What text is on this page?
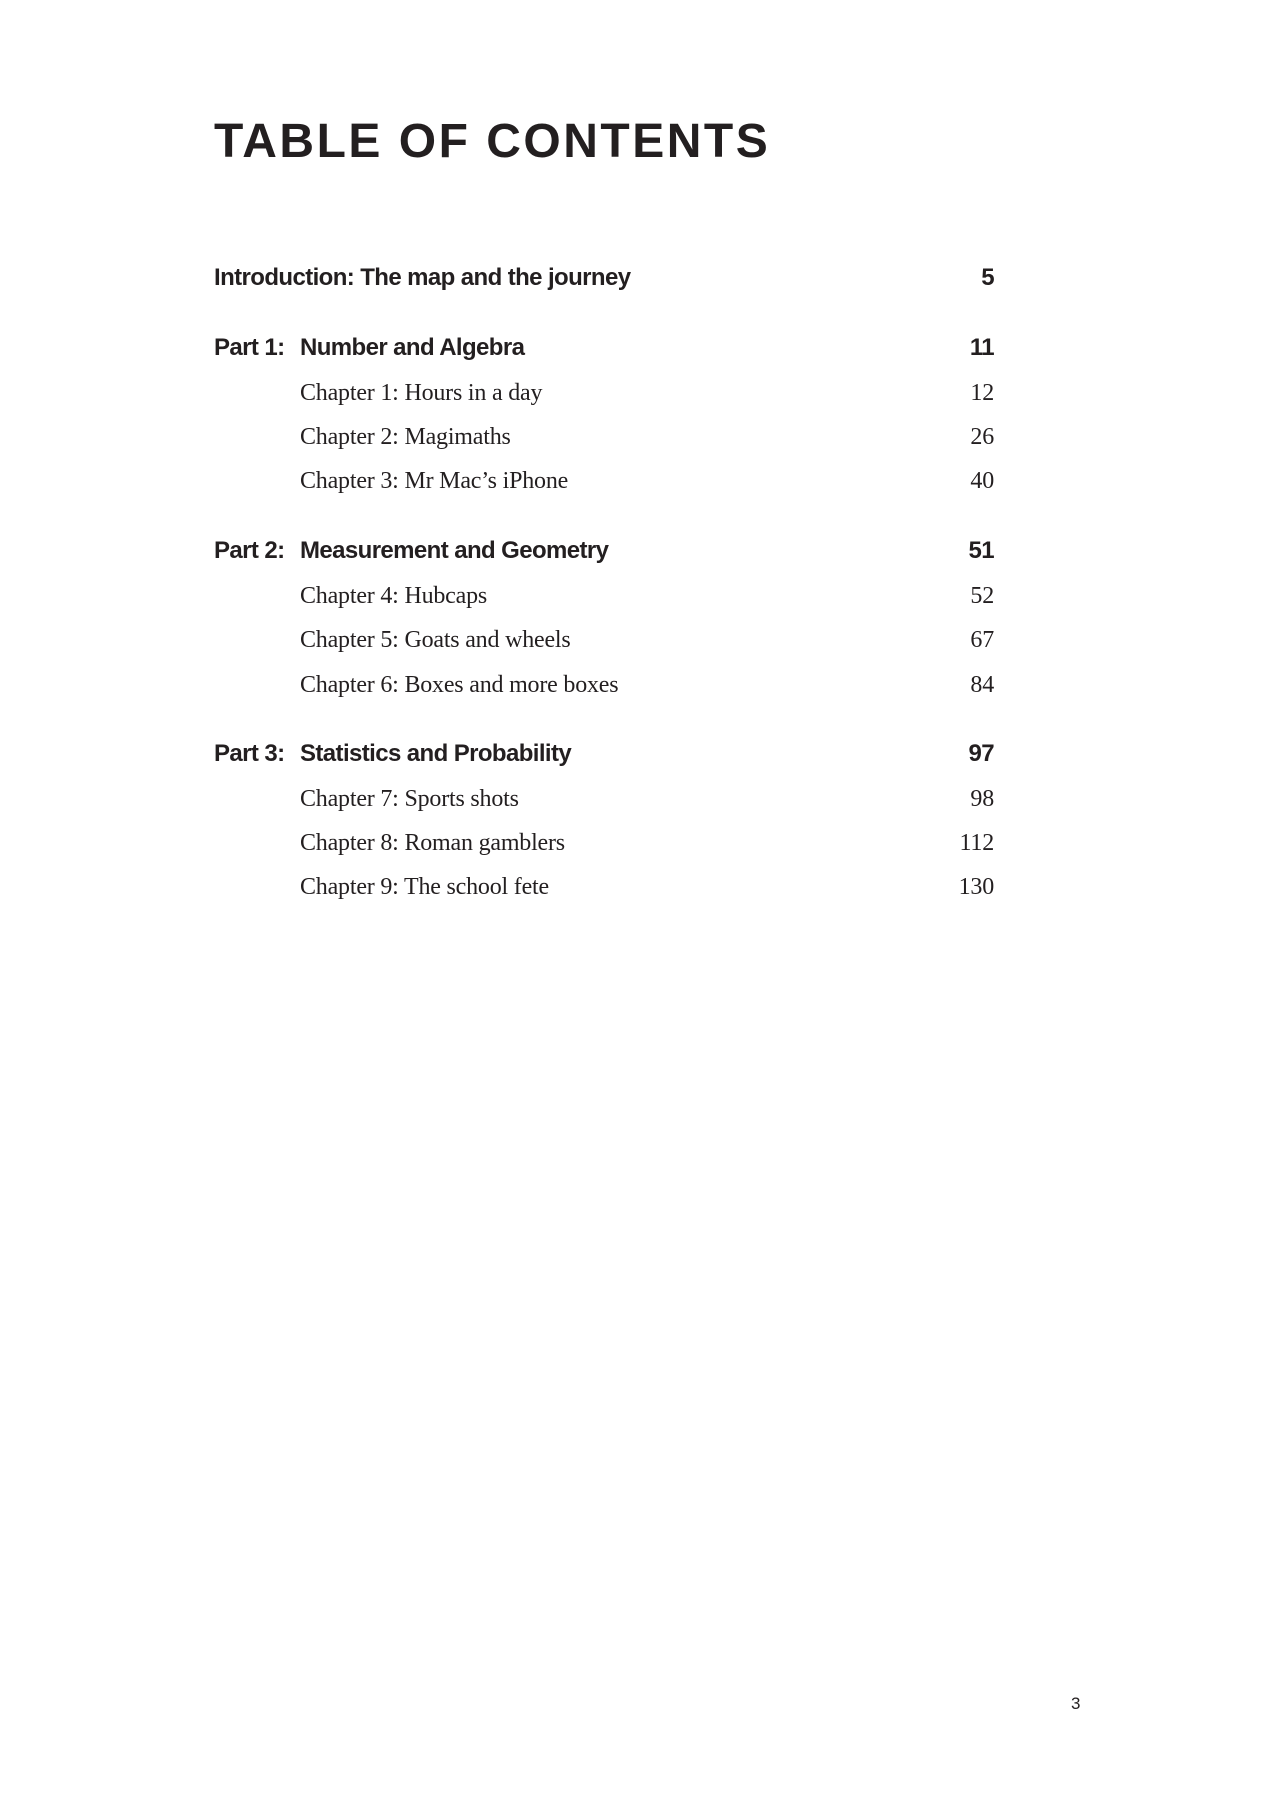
TABLE OF CONTENTS
Introduction: The map and the journey	5
Part 1: Number and Algebra	11
Chapter 1: Hours in a day	12
Chapter 2: Magimaths	26
Chapter 3: Mr Mac’s iPhone	40
Part 2: Measurement and Geometry	51
Chapter 4: Hubcaps	52
Chapter 5: Goats and wheels	67
Chapter 6: Boxes and more boxes	84
Part 3: Statistics and Probability	97
Chapter 7: Sports shots	98
Chapter 8: Roman gamblers	112
Chapter 9: The school fete	130
3
